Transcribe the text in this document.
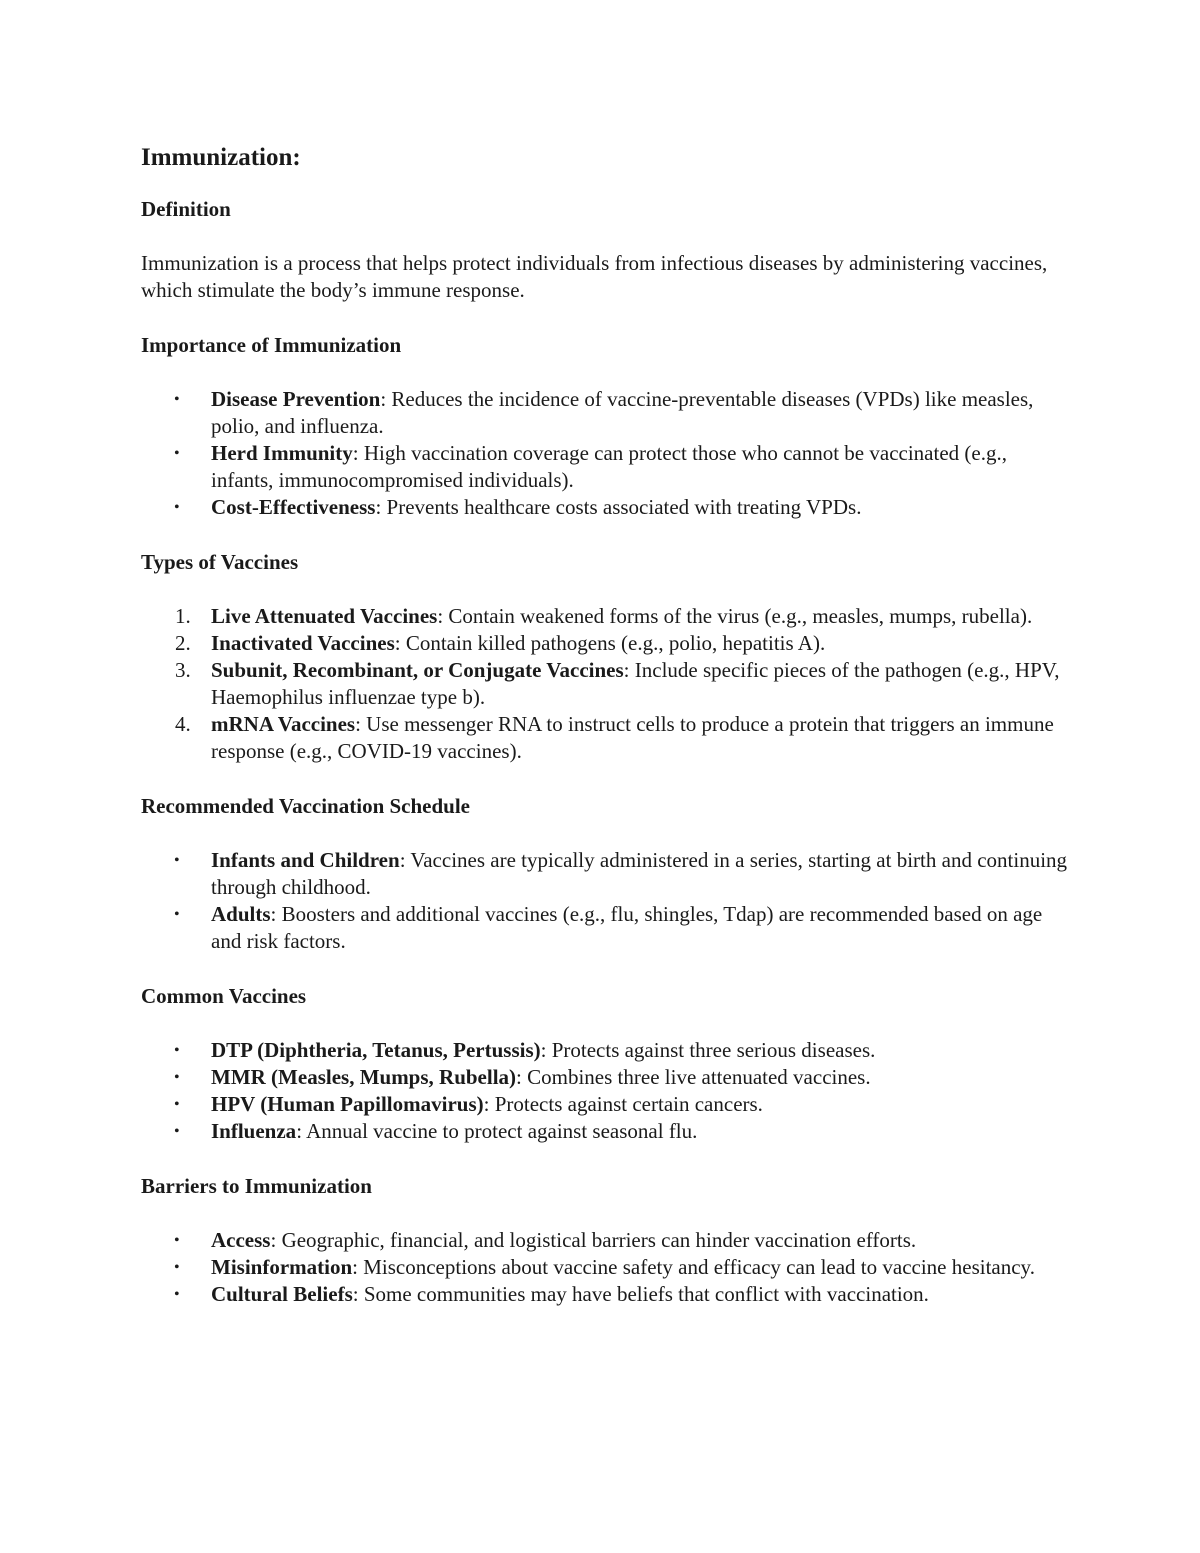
Immunization:
Definition

Immunization is a process that helps protect individuals from infectious diseases by administering vaccines, which stimulate the body’s immune response.

Importance of Immunization
• Disease Prevention: Reduces the incidence of vaccine-preventable diseases (VPDs) like measles, polio, and influenza.
• Herd Immunity: High vaccination coverage can protect those who cannot be vaccinated (e.g., infants, immunocompromised individuals).
• Cost-Effectiveness: Prevents healthcare costs associated with treating VPDs.
Types of Vaccines
1. Live Attenuated Vaccines: Contain weakened forms of the virus (e.g., measles, mumps, rubella).
2. Inactivated Vaccines: Contain killed pathogens (e.g., polio, hepatitis A).
3. Subunit, Recombinant, or Conjugate Vaccines: Include specific pieces of the pathogen (e.g., HPV, Haemophilus influenzae type b).
4. mRNA Vaccines: Use messenger RNA to instruct cells to produce a protein that triggers an immune response (e.g., COVID-19 vaccines).
Recommended Vaccination Schedule
• Infants and Children: Vaccines are typically administered in a series, starting at birth and continuing through childhood.
• Adults: Boosters and additional vaccines (e.g., flu, shingles, Tdap) are recommended based on age and risk factors.
Common Vaccines
• DTP (Diphtheria, Tetanus, Pertussis): Protects against three serious diseases.
• MMR (Measles, Mumps, Rubella): Combines three live attenuated vaccines.
• HPV (Human Papillomavirus): Protects against certain cancers.
• Influenza: Annual vaccine to protect against seasonal flu.
Barriers to Immunization
• Access: Geographic, financial, and logistical barriers can hinder vaccination efforts.
• Misinformation: Misconceptions about vaccine safety and efficacy can lead to vaccine hesitancy.
• Cultural Beliefs: Some communities may have beliefs that conflict with vaccination.
